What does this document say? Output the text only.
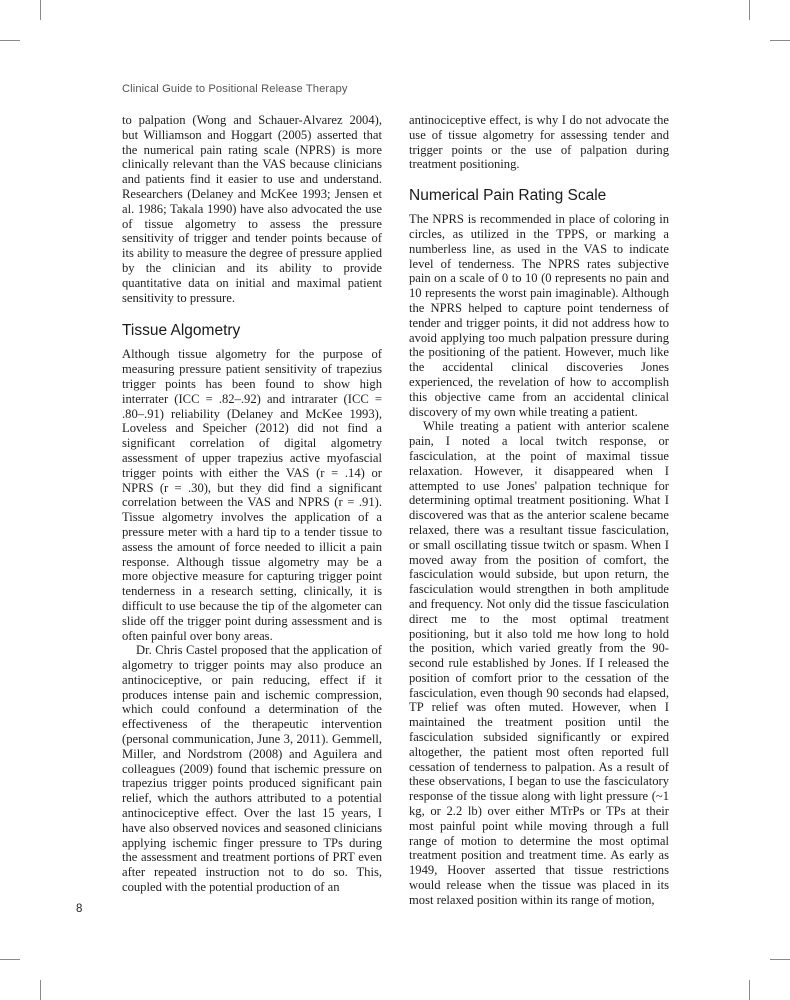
Clinical Guide to Positional Release Therapy

to palpation (Wong and Schauer-Alvarez 2004), but Williamson and Hoggart (2005) asserted that the numerical pain rating scale (NPRS) is more clinically relevant than the VAS because clinicians and patients find it easier to use and understand. Researchers (Delaney and McKee 1993; Jensen et al. 1986; Takala 1990) have also advocated the use of tissue algometry to assess the pressure sensitivity of trigger and tender points because of its ability to measure the degree of pressure applied by the clinician and its ability to provide quantitative data on initial and maximal patient sensitivity to pressure.

Tissue Algometry

Although tissue algometry for the purpose of measuring pressure patient sensitivity of trapezius trigger points has been found to show high interrater (ICC = .82–.92) and intrarater (ICC = .80–.91) reliability (Delaney and McKee 1993), Loveless and Speicher (2012) did not find a significant correlation of digital algometry assessment of upper trapezius active myofascial trigger points with either the VAS (r = .14) or NPRS (r = .30), but they did find a significant correlation between the VAS and NPRS (r = .91). Tissue algometry involves the application of a pressure meter with a hard tip to a tender tissue to assess the amount of force needed to illicit a pain response. Although tissue algometry may be a more objective measure for capturing trigger point tenderness in a research setting, clinically, it is difficult to use because the tip of the algometer can slide off the trigger point during assessment and is often painful over bony areas.

Dr. Chris Castel proposed that the application of algometry to trigger points may also produce an antinociceptive, or pain reducing, effect if it produces intense pain and ischemic compression, which could confound a determination of the effectiveness of the therapeutic intervention (personal communication, June 3, 2011). Gemmell, Miller, and Nordstrom (2008) and Aguilera and colleagues (2009) found that ischemic pressure on trapezius trigger points produced significant pain relief, which the authors attributed to a potential antinociceptive effect. Over the last 15 years, I have also observed novices and seasoned clinicians applying ischemic finger pressure to TPs during the assessment and treatment portions of PRT even after repeated instruction not to do so. This, coupled with the potential production of an

antinociceptive effect, is why I do not advocate the use of tissue algometry for assessing tender and trigger points or the use of palpation during treatment positioning.

Numerical Pain Rating Scale

The NPRS is recommended in place of coloring in circles, as utilized in the TPPS, or marking a numberless line, as used in the VAS to indicate level of tenderness. The NPRS rates subjective pain on a scale of 0 to 10 (0 represents no pain and 10 represents the worst pain imaginable). Although the NPRS helped to capture point tenderness of tender and trigger points, it did not address how to avoid applying too much palpation pressure during the positioning of the patient. However, much like the accidental clinical discoveries Jones experienced, the revelation of how to accomplish this objective came from an accidental clinical discovery of my own while treating a patient.

While treating a patient with anterior scalene pain, I noted a local twitch response, or fasciculation, at the point of maximal tissue relaxation. However, it disappeared when I attempted to use Jones' palpation technique for determining optimal treatment positioning. What I discovered was that as the anterior scalene became relaxed, there was a resultant tissue fasciculation, or small oscillating tissue twitch or spasm. When I moved away from the position of comfort, the fasciculation would subside, but upon return, the fasciculation would strengthen in both amplitude and frequency. Not only did the tissue fasciculation direct me to the most optimal treatment positioning, but it also told me how long to hold the position, which varied greatly from the 90-second rule established by Jones. If I released the position of comfort prior to the cessation of the fasciculation, even though 90 seconds had elapsed, TP relief was often muted. However, when I maintained the treatment position until the fasciculation subsided significantly or expired altogether, the patient most often reported full cessation of tenderness to palpation. As a result of these observations, I began to use the fasciculatory response of the tissue along with light pressure (~1 kg, or 2.2 lb) over either MTrPs or TPs at their most painful point while moving through a full range of motion to determine the most optimal treatment position and treatment time. As early as 1949, Hoover asserted that tissue restrictions would release when the tissue was placed in its most relaxed position within its range of motion,

8
